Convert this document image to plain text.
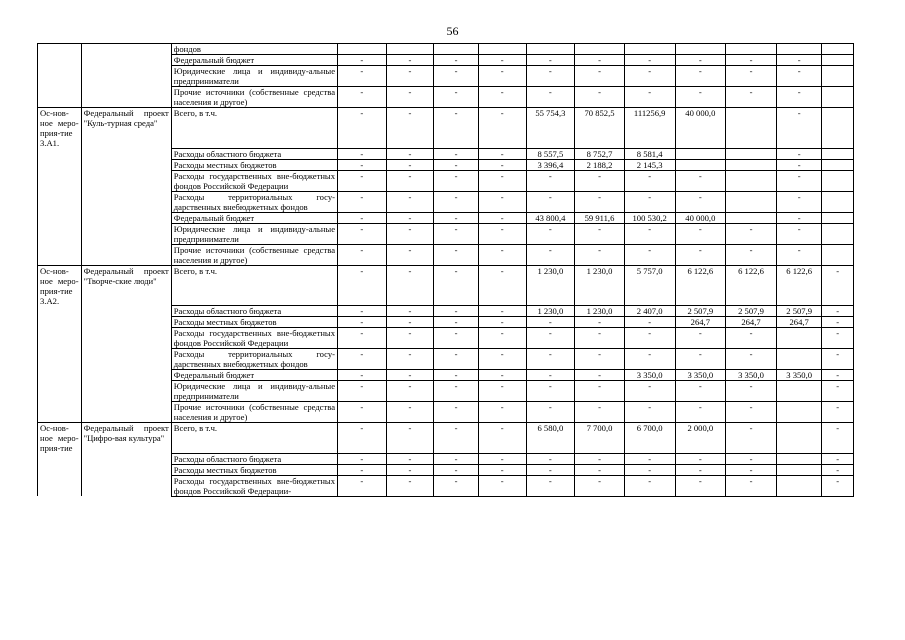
56
		фондов											
		Федеральный бюджет	-	-	-	-	-	-	-	-	-	-	
		Юридические лица и индивиду-альные предприниматели	-	-	-	-	-	-	-	-	-	-	
		Прочие источники (собственные средства населения и другое)	-	-	-	-	-	-	-	-	-	-	
Ос-нов-ное меро-прия-тие 3.А1.	Федеральный проект "Куль-турная среда"	Всего, в т.ч.	-	-	-	-	55 754,3	70 852,5	111256,9	40 000,0		-	
		Расходы областного бюджета	-	-	-	-	8 557,5	8 752,7	8 581,4			-	
		Расходы местных бюджетов	-	-	-	-	3 396,4	2 188,2	2 145,3			-	
		Расходы государственных вне-бюджетных фондов Российской Федерации	-	-	-	-	-	-	-	-		-	
		Расходы территориальных госу-дарственных внебюджетных фондов	-	-	-	-	-	-	-	-		-	
		Федеральный бюджет	-	-	-	-	43 800,4	59 911,6	100 530,2	40 000,0		-	
		Юридические лица и индивиду-альные предприниматели	-	-	-	-	-	-	-	-	-	-	
		Прочие источники (собственные средства населения и другое)	-	-	-	-	-	-	-	-	-	-	
Ос-нов-ное меро-прия-тие 3.А2.	Федеральный проект "Творче-ские люди"	Всего, в т.ч.	-	-	-	-	1 230,0	1 230,0	5 757,0	6 122,6	6 122,6	6 122,6	-
		Расходы областного бюджета	-	-	-	-	1 230,0	1 230,0	2 407,0	2 507,9	2 507,9	2 507,9	-
		Расходы местных бюджетов	-	-	-	-	-	-	-	264,7	264,7	264,7	-
		Расходы государственных вне-бюджетных фондов Российской Федерации	-	-	-	-	-	-	-	-	-		-
		Расходы территориальных госу-дарственных внебюджетных фондов	-	-	-	-	-	-	-	-	-		-
		Федеральный бюджет	-	-	-	-	-	-	3 350,0	3 350,0	3 350,0	3 350,0	-
		Юридические лица и индивиду-альные предприниматели	-	-	-	-	-	-	-	-	-		-
		Прочие источники (собственные средства населения и другое)	-	-	-	-	-	-	-	-	-		-
Ос-нов-ное меро-прия-тие	Федеральный проект "Цифро-вая культура"	Всего, в т.ч.	-	-	-	-	6 580,0	7 700,0	6 700,0	2 000,0	-		-
		Расходы областного бюджета	-	-	-	-	-	-	-	-	-		-
		Расходы местных бюджетов	-	-	-	-	-	-	-	-	-		-
		Расходы государственных вне-бюджетных фондов Российской Федерации-	-	-	-	-	-	-	-	-	-		-
